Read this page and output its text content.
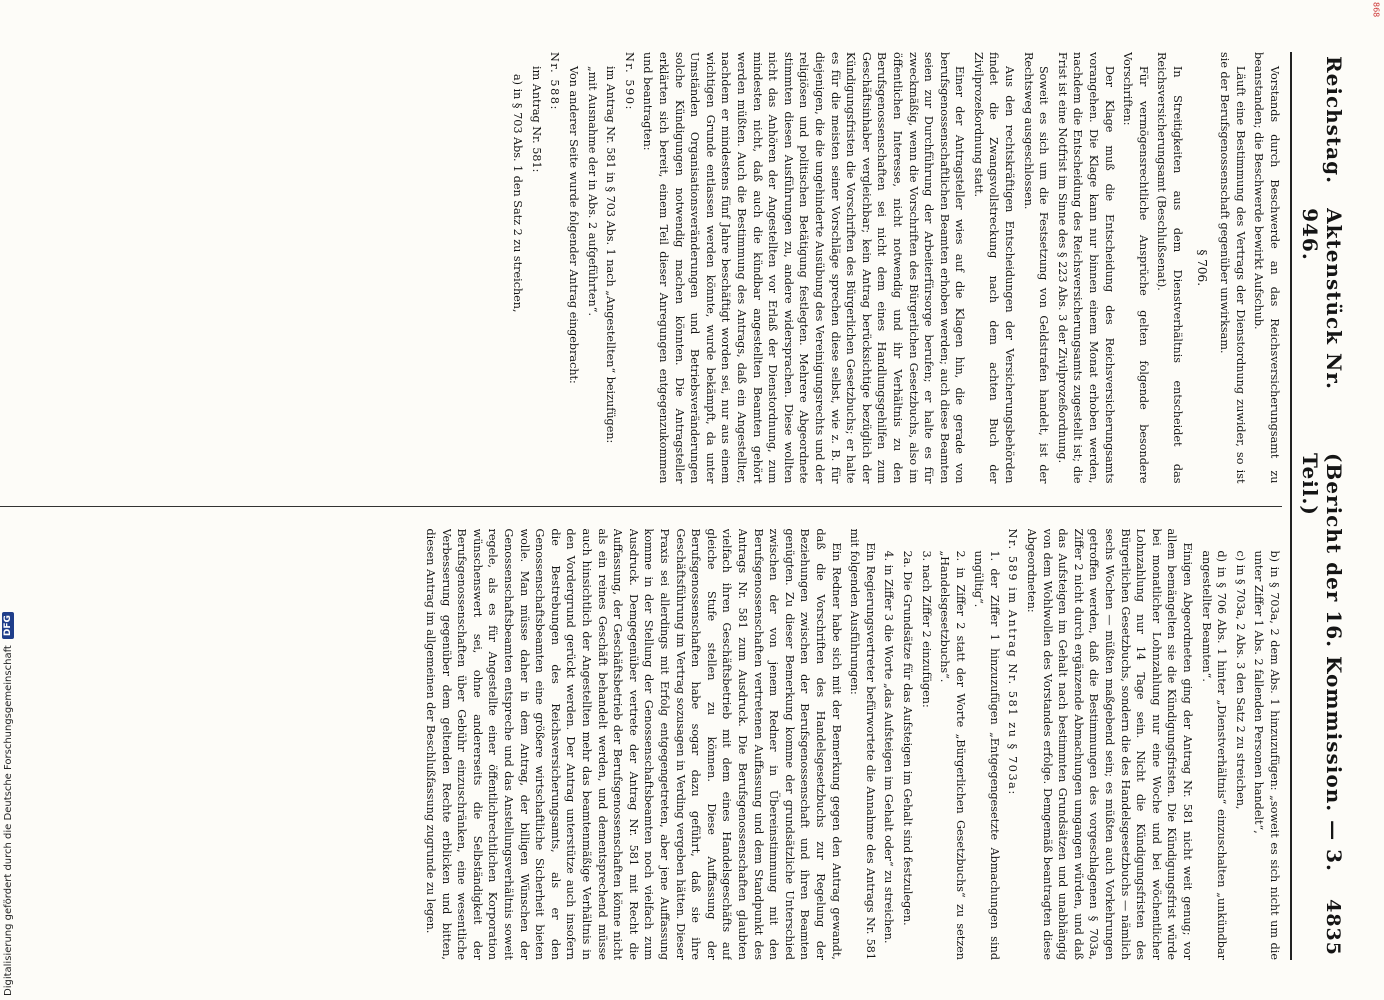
Reichstag.
Aktenstück Nr. 946.
(Bericht der 16. Kommission. — 3. Teil.)
4835

Vorstands durch Beschwerde an das Reichsversicherungsamt zu beanstanden; die Beschwerde bewirkt Aufschub.

Läuft eine Bestimmung des Vertrags der Dienstordnung zuwider, so ist sie der Berufsgenossenschaft gegenüber unwirksam.

§ 706.

In Streitigkeiten aus dem Dienstverhältnis entscheidet das Reichsversicherungsamt (Beschlußsenat).

Für vermögensrechtliche Ansprüche gelten folgende besondere Vorschriften:

Der Klage muß die Entscheidung des Reichsversicherungsamts vorangehen. Die Klage kann nur binnen einem Monat erhoben werden, nachdem die Entscheidung des Reichsversicherungsamts zugestellt ist; die Frist ist eine Notfrist im Sinne des § 223 Abs. 3 der Zivilprozeßordnung.

Soweit es sich um die Festsetzung von Geldstrafen handelt, ist der Rechtsweg ausgeschlossen.

Aus den rechtskräftigen Entscheidungen der Versicherungsbehörden findet die Zwangsvollstreckung nach dem achten Buch der Zivilprozeßordnung statt.

Einer der Antragsteller wies auf die Klagen hin, die gerade von berufsgenossenschaftlichen Beamten erhoben werden; auch diese Beamten seien zur Durchführung der Arbeiterfürsorge berufen; er halte es für zweckmäßig, wenn die Vorschriften des Bürgerlichen Gesetzbuchs, also im öffentlichen Interesse, nicht notwendig und ihr Verhältnis zu den Berufsgenossenschaften sei nicht dem eines Handlungsgehilfen zum Geschäftsinhaber vergleichbar; kein Antrag berücksichtige bezüglich der Kündigungsfristen die Vorschriften des Bürgerlichen Gesetzbuchs; er halte es für die meisten seiner Vorschläge sprechen diese selbst, wie z. B. für diejenigen, die die ungehinderte Ausübung des Vereinigungsrechts und der religiösen und politischen Betätigung festlegten. Mehrere Abgeordnete stimmten diesen Ausführungen zu, andere widersprachen. Diese wollten nicht das Anhören der Angestellten vor Erlaß der Dienstordnung, zum mindesten nicht, daß auch die kündbar angestellten Beamten gehört werden müßten. Auch die Bestimmung des Antrags, daß ein Angestellter, nachdem er mindestens fünf Jahre beschäftigt worden sei, nur aus einem wichtigen Grunde entlassen werden könnte, wurde bekämpft, da unter Umständen Organisationsveränderungen und Betriebsveränderungen solche Kündigungen notwendig machen könnten. Die Antragsteller erklärten sich bereit, einem Teil dieser Anregungen entgegenzukommen und beantragten:

Nr. 590:

im Antrag Nr. 581 in § 703 Abs. 1 nach „Angestellten“ beizufügen:

„mit Ausnahme der in Abs. 2 aufgeführten“.

Von anderer Seite wurde folgender Antrag eingebracht:

Nr. 588:

im Antrag Nr. 581:

a) in § 703 Abs. 1 den Satz 2 zu streichen,

b) in § 703a, 2 dem Abs. 1 hinzuzufügen: „soweit es sich nicht um die unter Ziffer 1 Abs. 2 fallenden Personen handelt“,

c) in § 703a, 2 Abs. 3 den Satz 2 zu streichen,

d) in § 706 Abs. 1 hinter „Dienstverhältnis“ einzuschalten „unkündbar angestellter Beamten“.

Einigen Abgeordneten ging der Antrag Nr. 581 nicht weit genug; vor allem bemängelten sie die Kündigungsfristen. Die Kündigungsfrist würde bei monatlicher Lohnzahlung nur eine Woche und bei wöchentlicher Lohnzahlung nur 14 Tage sein. Nicht die Kündigungsfristen des Bürgerlichen Gesetzbuchs, sondern die des Handelsgesetzbuchs — nämlich sechs Wochen — müßten maßgebend sein; es müßten auch Vorkehrungen getroffen werden, daß die Bestimmungen des vorgeschlagenen § 703a, Ziffer 2 nicht durch ergänzende Abmachungen umgangen würden, und daß das Aufsteigen im Gehalt nach bestimmten Grundsätzen und unabhängig von dem Wohlwollen des Vorstandes erfolge. Demgemäß beantragten diese Abgeordneten:

Nr. 589 im Antrag Nr. 581 zu § 703a:

1. der Ziffer 1 hinzuzufügen „Entgegengesetzte Abmachungen sind ungültig“.

2. in Ziffer 2 statt der Worte „Bürgerlichen Gesetzbuchs“ zu setzen „Handelsgesetzbuchs“.

3. nach Ziffer 2 einzufügen:

2a. Die Grundsätze für das Aufsteigen im Gehalt sind festzulegen.

4. in Ziffer 3 die Worte „das Aufsteigen im Gehalt oder“ zu streichen.

Ein Regierungsvertreter befürwortete die Annahme des Antrags Nr. 581 mit folgenden Ausführungen:

Ein Redner habe sich mit der Bemerkung gegen den Antrag gewandt, daß die Vorschriften des Handelsgesetzbuchs zur Regelung der Beziehungen zwischen der Berufsgenossenschaft und ihren Beamten genügten. Zu dieser Bemerkung komme der grundsätzliche Unterschied zwischen der von jenem Redner in Übereinstimmung mit den Berufsgenossenschaften vertretenen Auffassung und dem Standpunkt des Antrags Nr. 581 zum Ausdruck. Die Berufsgenossenschaften glaubten vielfach ihren Geschäftsbetrieb mit dem eines Handelsgeschäfts auf gleiche Stufe stellen zu können. Diese Auffassung der Berufsgenossenschaften habe sogar dazu geführt, daß sie ihre Geschäftsführung im Vertrag sozusagen in Verding vergeben hätten. Dieser Praxis sei allerdings mit Erfolg entgegengetreten, aber jene Auffassung komme in der Stellung der Genossenschaftsbeamten noch vielfach zum Ausdruck. Demgegenüber vertrete der Antrag Nr. 581 mit Recht die Auffassung, der Geschäftsbetrieb der Berufsgenossenschaften könne nicht als ein reines Geschäft behandelt werden, und dementsprechend müsse auch hinsichtlich der Angestellten mehr das beamtenmäßige Verhältnis in den Vordergrund gerückt werden. Der Antrag unterstütze auch insofern die Bestrebungen des Reichsversicherungsamts, als er den Genossenschaftsbeamten eine größere wirtschaftliche Sicherheit bieten wolle. Man müsse daher in dem Antrag, der billigen Wünschen der Genossenschaftsbeamten entspreche und das Anstellungsverhältnis soweit regele, als es für Angestellte einer öffentlichrechtlichen Korporation wünschenswert sei, ohne andererseits die Selbständigkeit der Berufsgenossenschaften über Gebühr einzuschränken, eine wesentliche Verbesserung gegenüber dem geltenden Rechte erblicken und bitten, diesen Antrag im allgemeinen der Beschlußfassung zugrunde zu legen.

Digitalisierung gefördert durch die Deutsche Forschungsgemeinschaft
DFG
868
